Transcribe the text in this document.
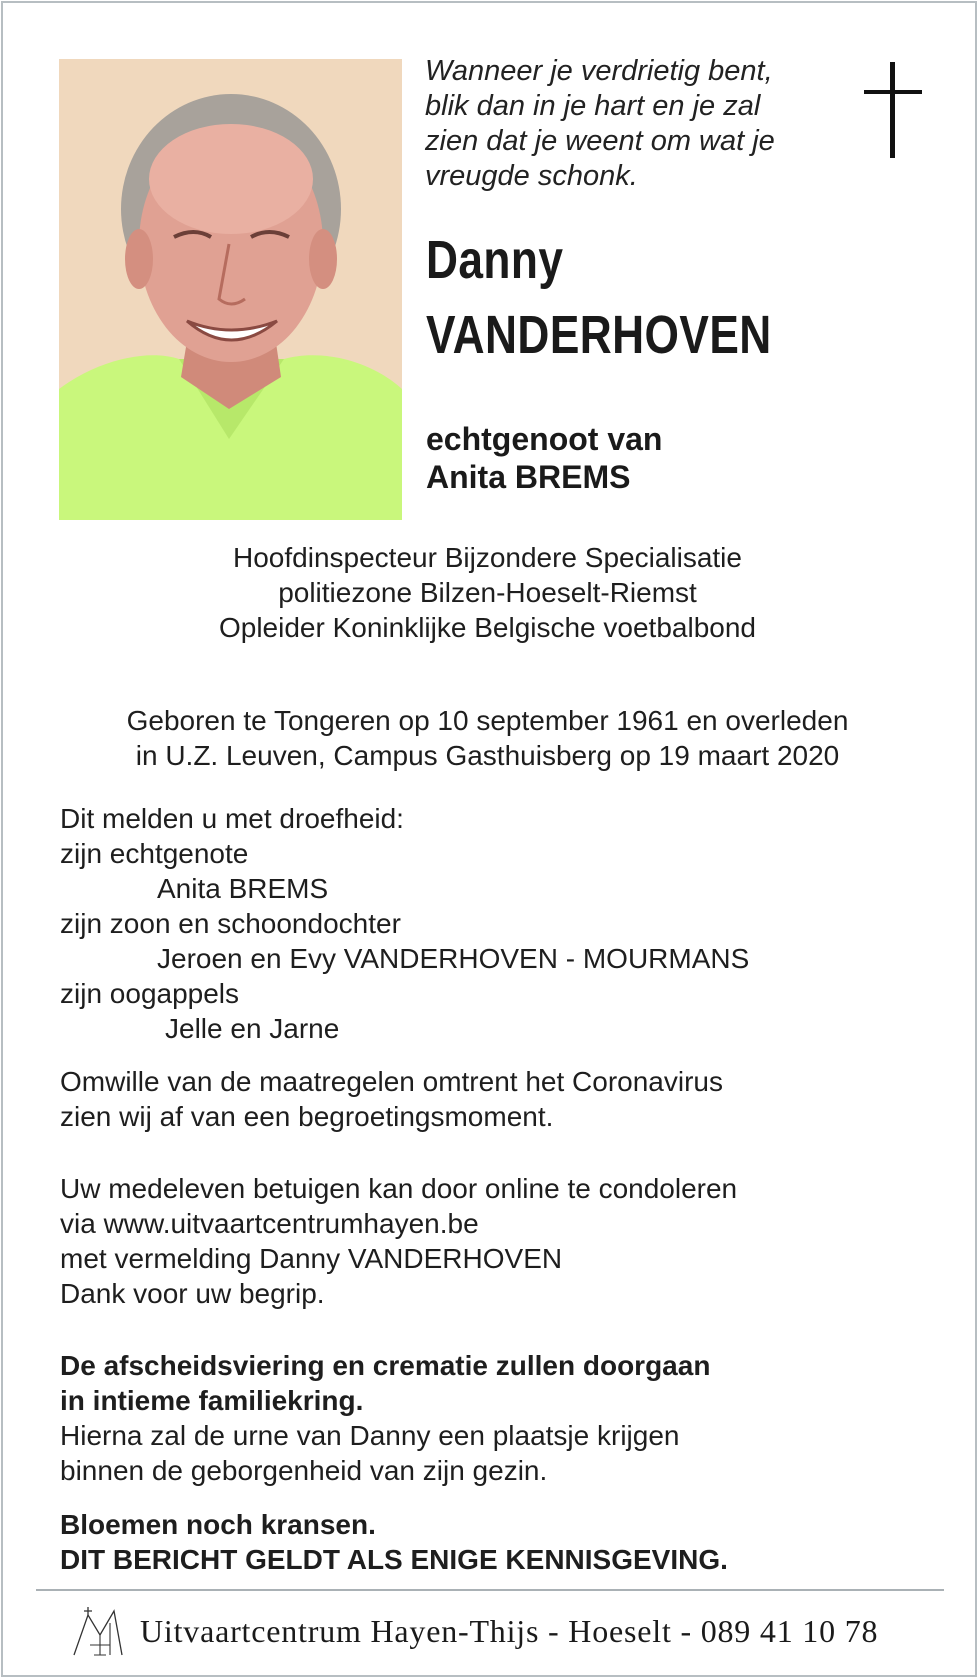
Wanneer je verdrietig bent,
blik dan in je hart en je zal
zien dat je weent om wat je
vreugde schonk.
Danny
VANDERHOVEN
echtgenoot van
Anita BREMS
Hoofdinspecteur Bijzondere Specialisatie
politiezone Bilzen-Hoeselt-Riemst
Opleider Koninklijke Belgische voetbalbond
Geboren te Tongeren op 10 september 1961 en overleden
in U.Z. Leuven, Campus Gasthuisberg op 19 maart 2020
Dit melden u met droefheid:
zijn echtgenote
Anita BREMS
zijn zoon en schoondochter
Jeroen en Evy VANDERHOVEN - MOURMANS
zijn oogappels
Jelle en Jarne
Omwille van de maatregelen omtrent het Coronavirus
zien wij af van een begroetingsmoment.
Uw medeleven betuigen kan door online te condoleren
via www.uitvaartcentrumhayen.be
met vermelding Danny VANDERHOVEN
Dank voor uw begrip.
De afscheidsviering en crematie zullen doorgaan
in intieme familiekring.
Hierna zal de urne van Danny een plaatsje krijgen
binnen de geborgenheid van zijn gezin.
Bloemen noch kransen.
DIT BERICHT GELDT ALS ENIGE KENNISGEVING.
Uitvaartcentrum Hayen-Thijs - Hoeselt - 089 41 10 78
